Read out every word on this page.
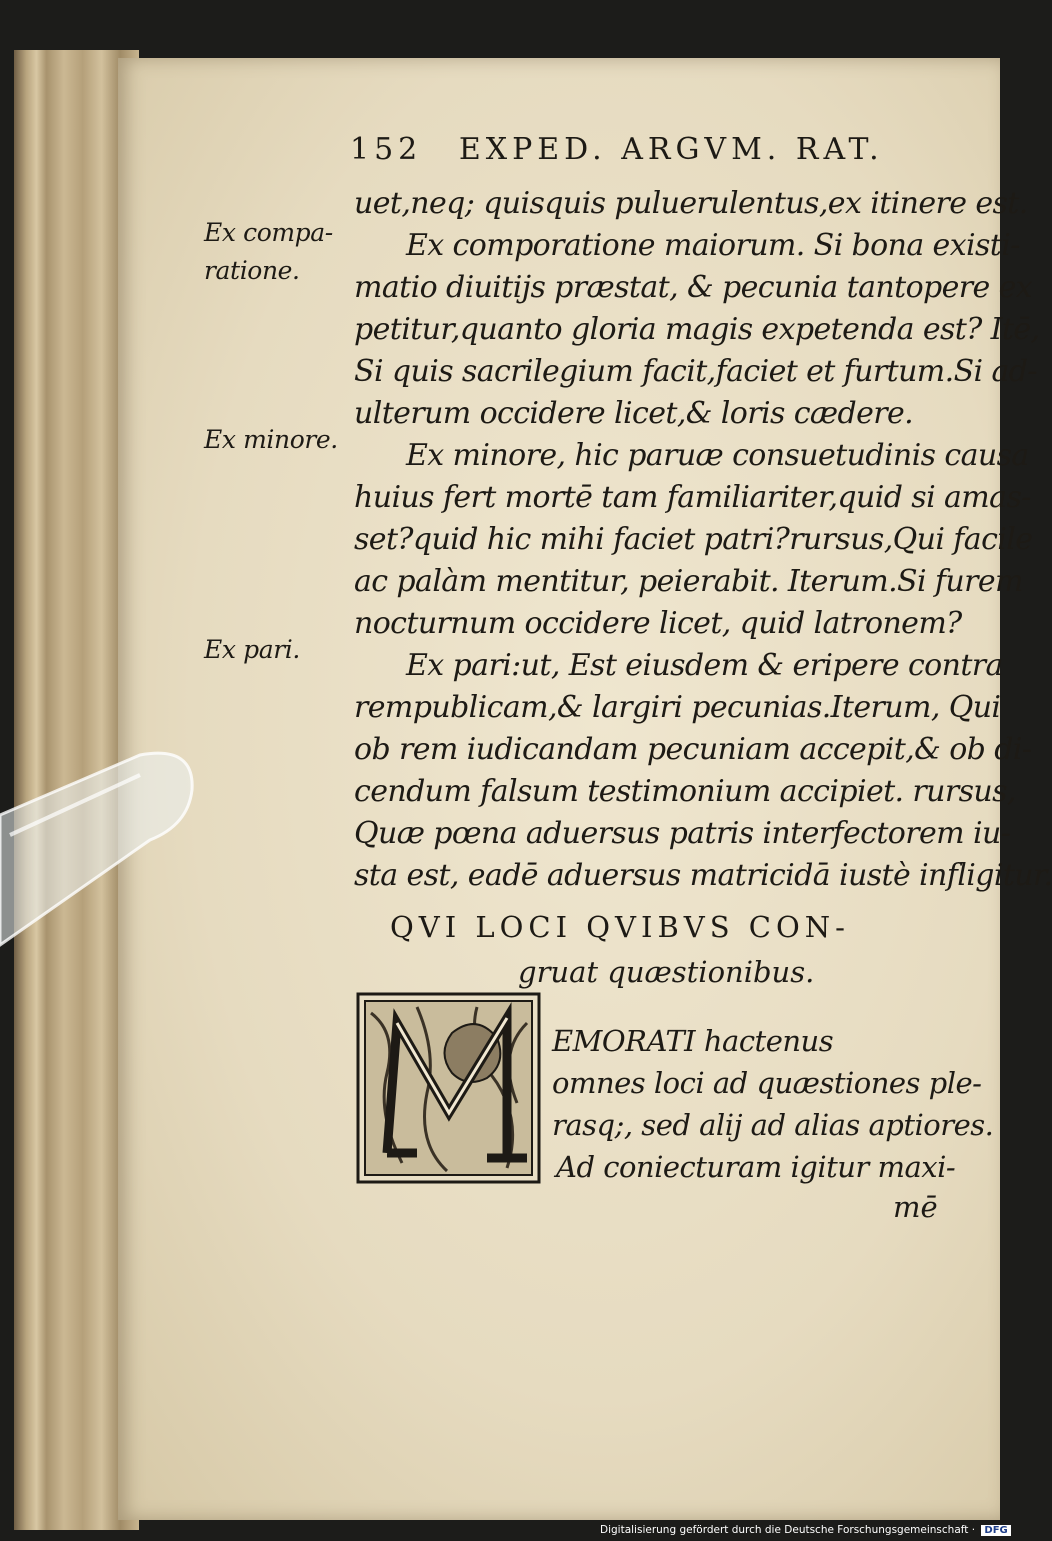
152 EXPED. ARGVM. RAT.
Ex compa-
ratione.
Ex minore.
Ex pari.
uet,neq; quisquis puluerulentus,ex itinere est.
Ex comporatione maiorum. Si bona existi-
matio diuitijs præstat, & pecunia tantopere ex
petitur,quanto gloria magis expetenda est? Itē,
Si quis sacrilegium facit,faciet et furtum.Si ad-
ulterum occidere licet,& loris cædere.
Ex minore, hic paruæ consuetudinis causa
huius fert mortē tam familiariter,quid si amas-
set?quid hic mihi faciet patri?rursus,Qui facile
ac palàm mentitur, peierabit. Iterum.Si furem
nocturnum occidere licet, quid latronem?
Ex pari:ut, Est eiusdem & eripere contra
rempublicam,& largiri pecunias.Iterum, Qui
ob rem iudicandam pecuniam accepit,& ob di-
cendum falsum testimonium accipiet. rursus,
Quæ pœna aduersus patris interfectorem iu-
sta est, eadē aduersus matricidā iustè infligitur.
QVI LOCI QVIBVS CON-
gruat quæstionibus.
EMORATI hactenus
omnes loci ad quæstiones ple-
rasq;, sed alij ad alias aptiores.
Ad coniecturam igitur maxi-
mē
Digitalisierung gefördert durch die Deutsche Forschungsgemeinschaft · DFG
